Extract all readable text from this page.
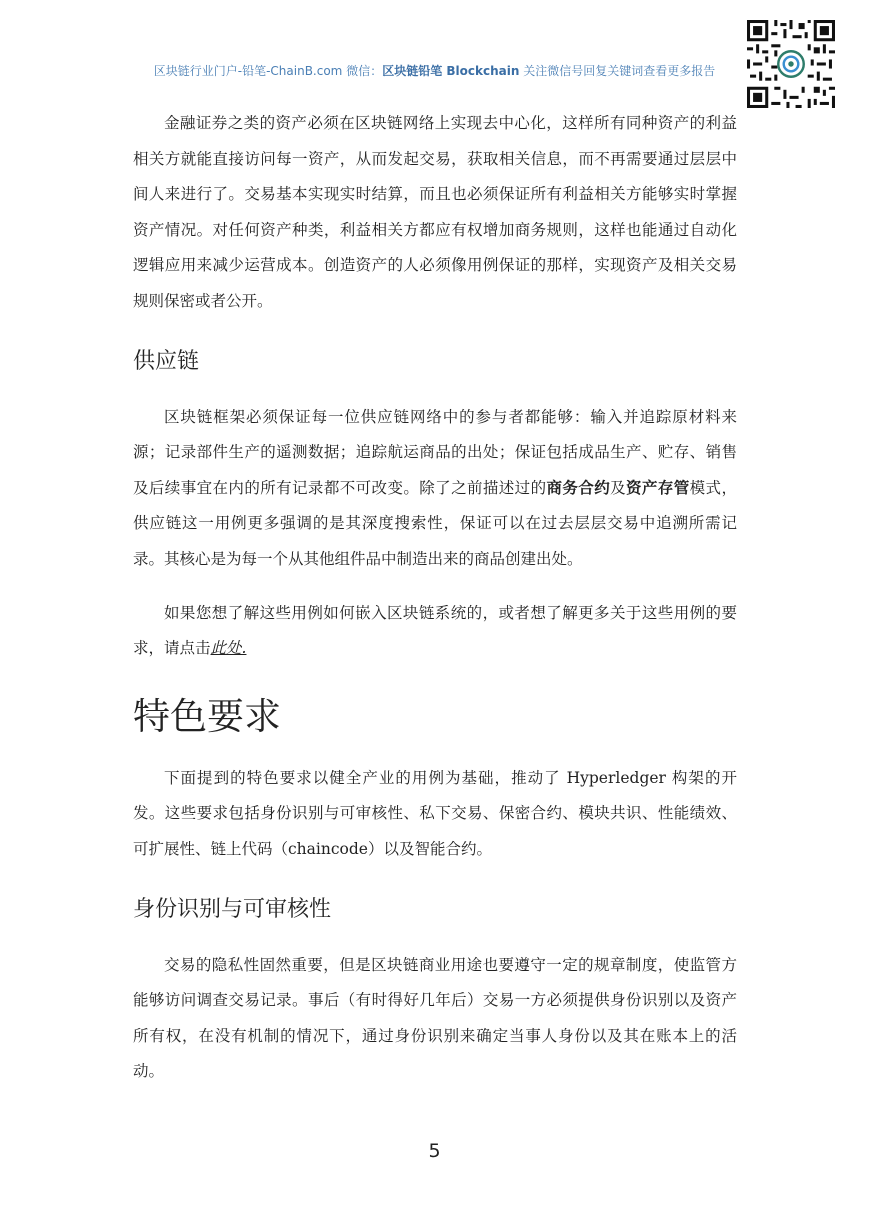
区块链行业门户-铅笔-ChainB.com 微信：区块链铅笔 Blockchain 关注微信号回复关键词查看更多报告

金融证券之类的资产必须在区块链网络上实现去中心化，这样所有同种资产的利益相关方就能直接访问每一资产，从而发起交易，获取相关信息，而不再需要通过层层中间人来进行了。交易基本实现实时结算，而且也必须保证所有利益相关方能够实时掌握资产情况。对任何资产种类，利益相关方都应有权增加商务规则，这样也能通过自动化逻辑应用来减少运营成本。创造资产的人必须像用例保证的那样，实现资产及相关交易规则保密或者公开。

供应链

区块链框架必须保证每一位供应链网络中的参与者都能够：输入并追踪原材料来源；记录部件生产的遥测数据；追踪航运商品的出处；保证包括成品生产、贮存、销售及后续事宜在内的所有记录都不可改变。除了之前描述过的商务合约及资产存管模式，供应链这一用例更多强调的是其深度搜索性，保证可以在过去层层交易中追溯所需记录。其核心是为每一个从其他组件品中制造出来的商品创建出处。

如果您想了解这些用例如何嵌入区块链系统的，或者想了解更多关于这些用例的要求，请点击此处.

特色要求

下面提到的特色要求以健全产业的用例为基础，推动了 Hyperledger 构架的开发。这些要求包括身份识别与可审核性、私下交易、保密合约、模块共识、性能绩效、可扩展性、链上代码（chaincode）以及智能合约。

身份识别与可审核性

交易的隐私性固然重要，但是区块链商业用途也要遵守一定的规章制度，使监管方能够访问调查交易记录。事后（有时得好几年后）交易一方必须提供身份识别以及资产所有权，在没有机制的情况下，通过身份识别来确定当事人身份以及其在账本上的活动。

5
